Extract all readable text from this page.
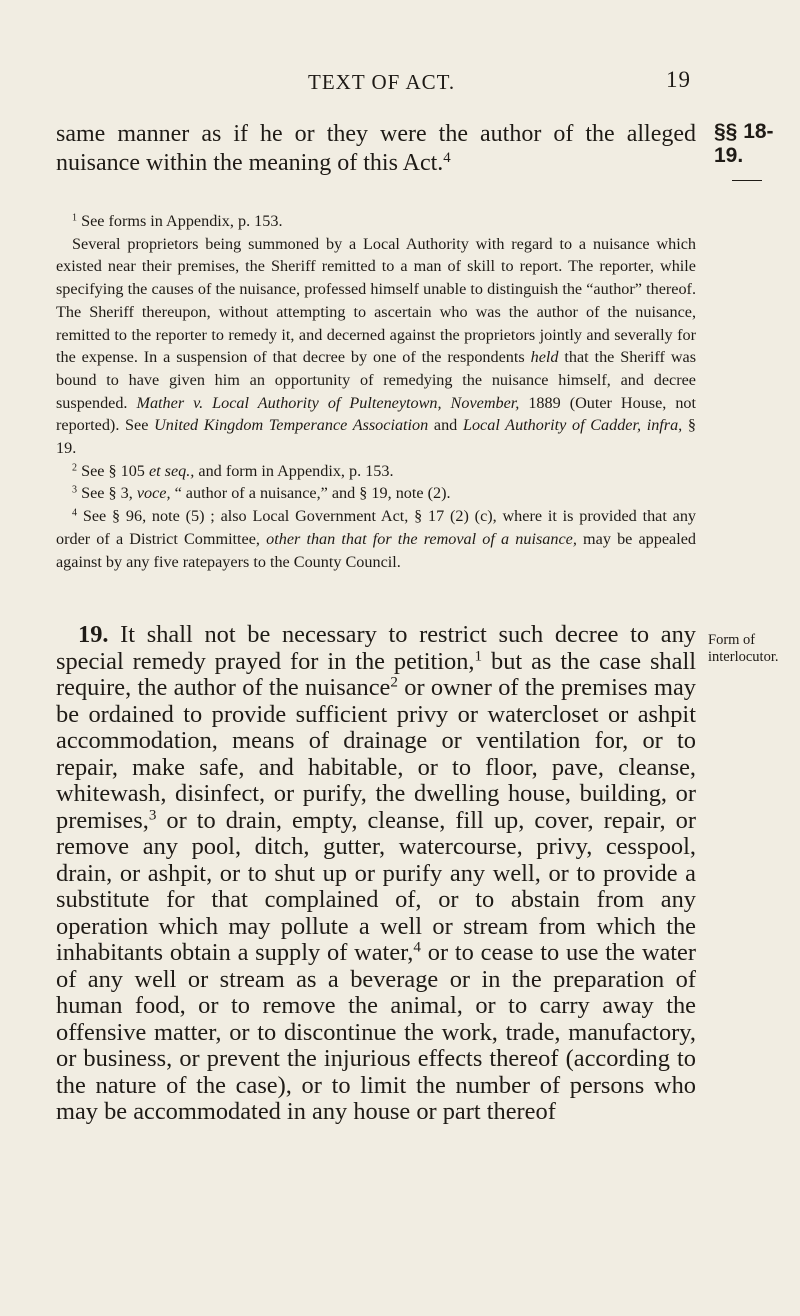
TEXT OF ACT.	19
same manner as if he or they were the author of the alleged nuisance within the meaning of this Act.$^4$
§§ 18-19.

$^1$ See forms in Appendix, p. 153.

Several proprietors being summoned by a Local Authority with regard to a nuisance which existed near their premises, the Sheriff remitted to a man of skill to report. The reporter, while specifying the causes of the nuisance, professed himself unable to distinguish the “author” thereof. The Sheriff thereupon, without attempting to ascertain who was the author of the nuisance, remitted to the reporter to remedy it, and decerned against the proprietors jointly and severally for the expense. In a suspension of that decree by one of the respondents held that the Sheriff was bound to have given him an opportunity of remedying the nuisance himself, and decree suspended. Mather v. Local Authority of Pulteneytown, November, 1889 (Outer House, not reported). See United Kingdom Temperance Association and Local Authority of Cadder, infra, § 19.

$^2$ See § 105 et seq., and form in Appendix, p. 153.

$^3$ See § 3, voce, “ author of a nuisance,” and § 19, note (2).

$^4$ See § 96, note (5) ; also Local Government Act, § 17 (2) (c), where it is provided that any order of a District Committee, other than that for the removal of a nuisance, may be appealed against by any five ratepayers to the County Council.

19. It shall not be necessary to restrict such decree to any special remedy prayed for in the petition,$^1$ but as the case shall require, the author of the nuisance$^2$ or owner of the premises may be ordained to provide sufficient privy or watercloset or ashpit accommodation, means of drainage or ventilation for, or to repair, make safe, and habitable, or to floor, pave, cleanse, whitewash, disinfect, or purify, the dwelling house, building, or premises,$^3$ or to drain, empty, cleanse, fill up, cover, repair, or remove any pool, ditch, gutter, watercourse, privy, cesspool, drain, or ashpit, or to shut up or purify any well, or to provide a substitute for that complained of, or to abstain from any operation which may pollute a well or stream from which the inhabitants obtain a supply of water,$^4$ or to cease to use the water of any well or stream as a beverage or in the preparation of human food, or to remove the animal, or to carry away the offensive matter, or to discontinue the work, trade, manufactory, or business, or prevent the injurious effects thereof (according to the nature of the case), or to limit the number of persons who may be accommodated in any house or part thereof

Form of interlocutor.
